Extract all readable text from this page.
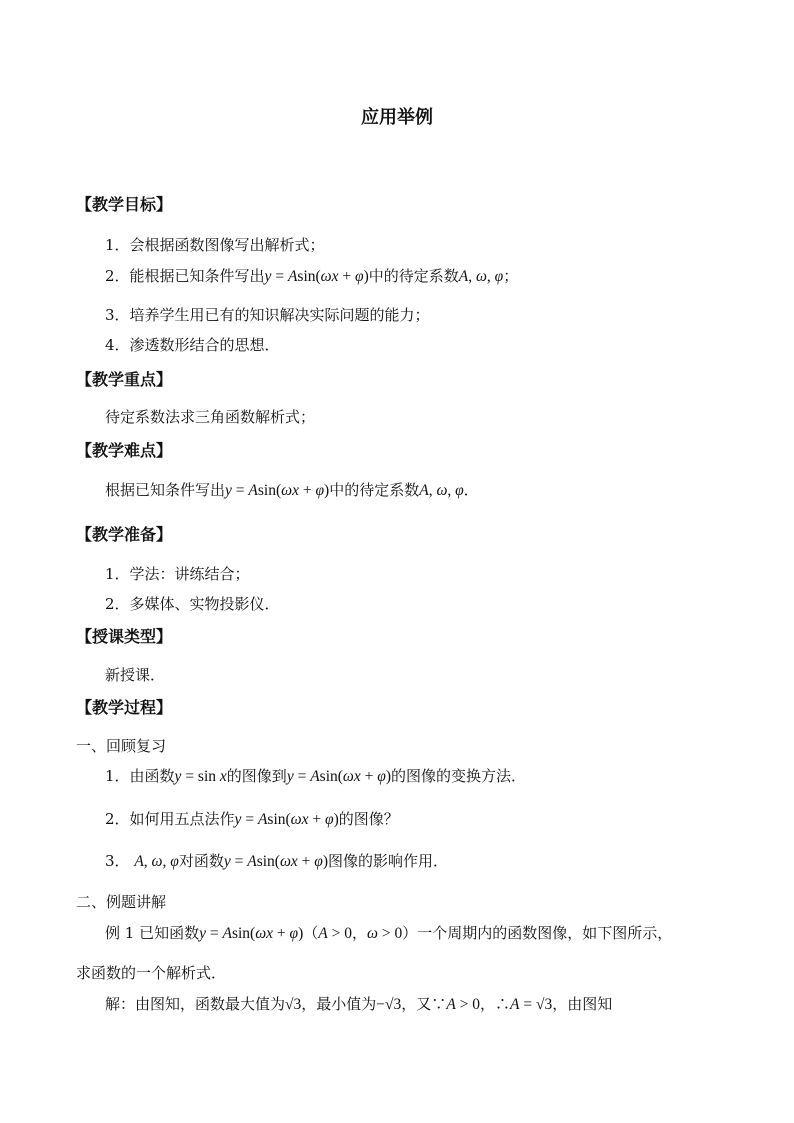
应用举例
【教学目标】
1．会根据函数图像写出解析式；
2．能根据已知条件写出y = Asin(ωx + φ)中的待定系数A, ω, φ；
3．培养学生用已有的知识解决实际问题的能力；
4．渗透数形结合的思想．
【教学重点】
待定系数法求三角函数解析式；
【教学难点】
根据已知条件写出y = Asin(ωx + φ)中的待定系数A, ω, φ．
【教学准备】
1．学法：讲练结合；
2．多媒体、实物投影仪．
【授课类型】
新授课．
【教学过程】
一、回顾复习
1．由函数y = sin x的图像到y = Asin(ωx + φ)的图像的变换方法．
2．如何用五点法作y = Asin(ωx + φ)的图像？
3． A, ω, φ对函数y = Asin(ωx + φ)图像的影响作用．
二、例题讲解
例 1 已知函数y = Asin(ωx + φ)（A > 0，ω > 0）一个周期内的函数图像，如下图所示，
求函数的一个解析式．
解：由图知，函数最大值为√3，最小值为−√3，又∵A > 0，∴A = √3，由图知
